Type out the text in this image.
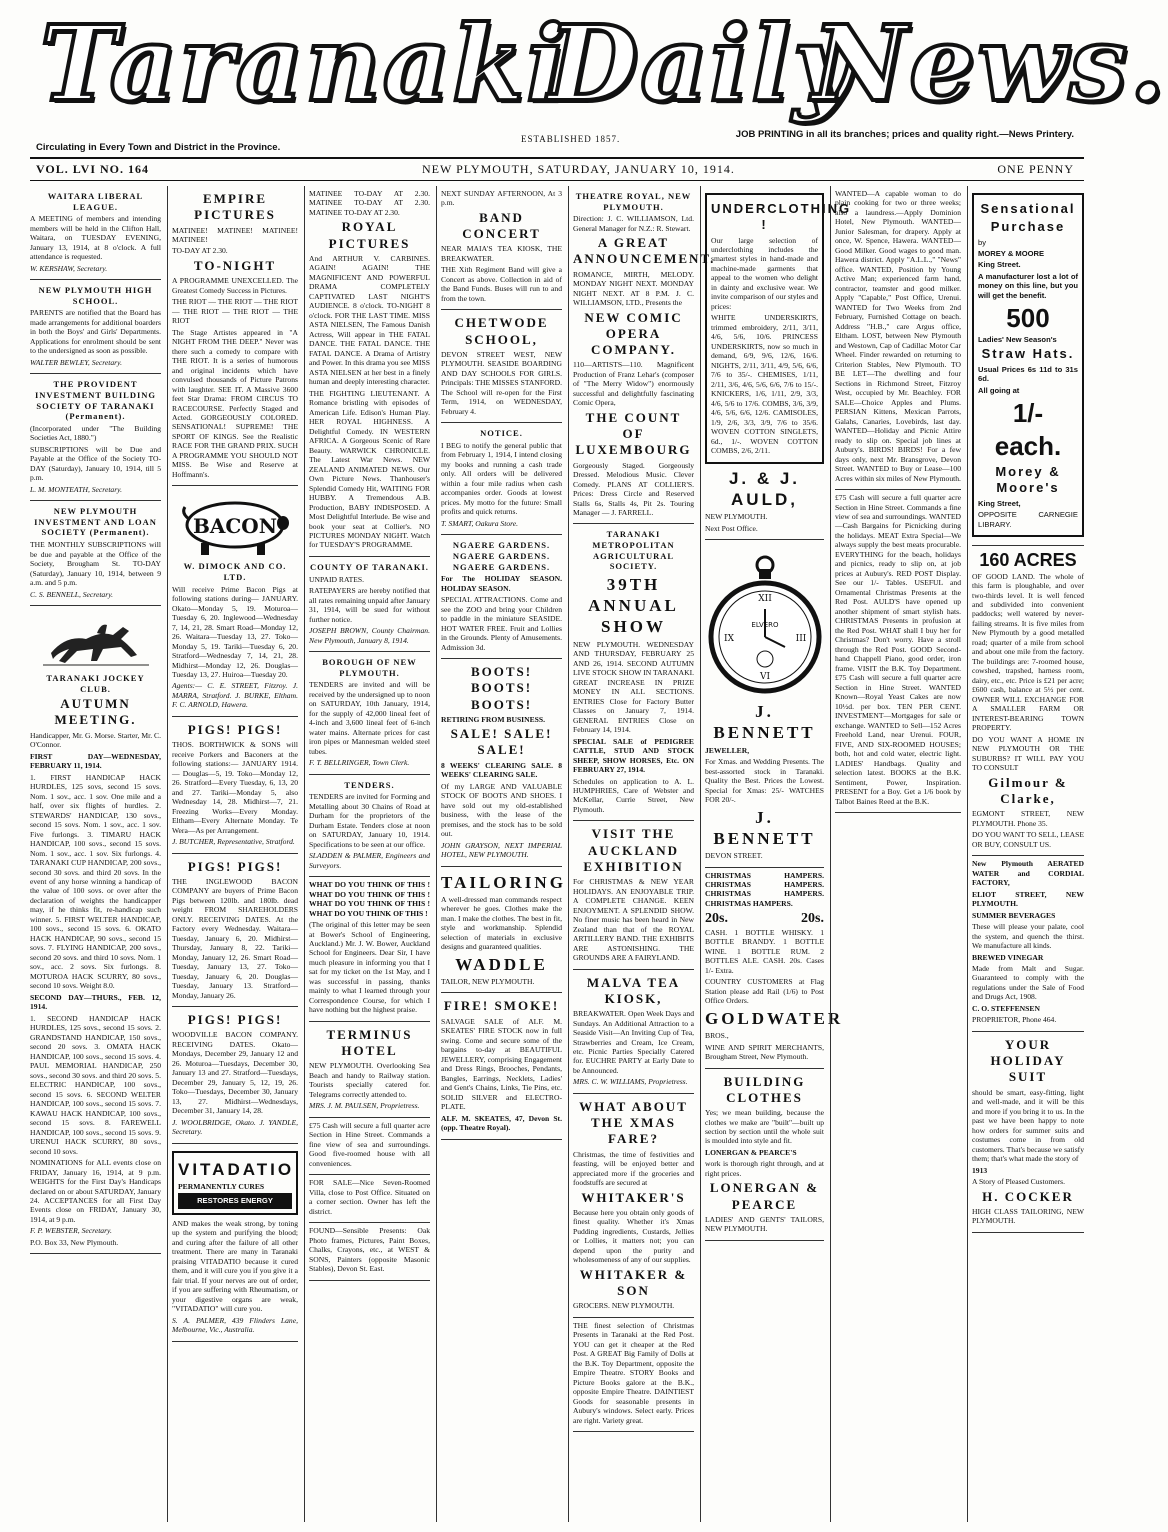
Taranaki
Daily
News.
ESTABLISHED 1857.	JOB PRINTING in all its branches; prices and quality right.—News Printery.
Circulating in Every Town and District in the Province.
VOL. LVI NO. 164	NEW PLYMOUTH, SATURDAY, JANUARY 10, 1914.	ONE PENNY
WAITARA LIBERAL LEAGUE.

A MEETING of members and intending members will be held in the Clifton Hall, Waitara, on TUESDAY EVENING, January 13, 1914, at 8 o'clock. A full attendance is requested.

W. KERSHAW, Secretary.

NEW PLYMOUTH HIGH SCHOOL.

PARENTS are notified that the Board has made arrangements for additional boarders in both the Boys' and Girls' Departments. Applications for enrolment should be sent to the undersigned as soon as possible.

WALTER BEWLEY, Secretary.

THE PROVIDENT INVESTMENT BUILDING SOCIETY OF TARANAKI (Permanent).

(Incorporated under "The Building Societies Act, 1880.")

SUBSCRIPTIONS will be Due and Payable at the Office of the Society TO-DAY (Saturday), January 10, 1914, till 5 p.m.

L. M. MONTEATH, Secretary.

NEW PLYMOUTH INVESTMENT AND LOAN SOCIETY (Permanent).

THE MONTHLY SUBSCRIPTIONS will be due and payable at the Office of the Society, Brougham St. TO-DAY (Saturday), January 10, 1914, between 9 a.m. and 5 p.m.

C. S. BENNELL, Secretary.

TARANAKI JOCKEY CLUB.
AUTUMN MEETING.

Handicapper, Mr. G. Morse. Starter, Mr. C. O'Connor.

FIRST DAY—WEDNESDAY, FEBRUARY 11, 1914.

1. FIRST HANDICAP HACK HURDLES, 125 sovs, second 15 sovs. Nom. 1 sov., acc. 1 sov. One mile and a half, over six flights of hurdles. 2. STEWARDS' HANDICAP, 130 sovs., second 15 sovs. Nom. 1 sov., acc. 1 sov. Five furlongs. 3. TIMARU HACK HANDICAP, 100 sovs., second 15 sovs. Nom. 1 sov., acc. 1 sov. Six furlongs. 4. TARANAKI CUP HANDICAP, 200 sovs., second 30 sovs. and third 20 sovs. In the event of any horse winning a handicap of the value of 100 sovs. or over after the declaration of weights the handicapper may, if he thinks fit, re-handicap such winner. 5. FIRST WELTER HANDICAP, 100 sovs., second 15 sovs. 6. OKATO HACK HANDICAP, 90 sovs., second 15 sovs. 7. FLYING HANDICAP, 200 sovs., second 20 sovs. and third 10 sovs. Nom. 1 sov., acc. 2 sovs. Six furlongs. 8. MOTUROA HACK SCURRY, 80 sovs., second 10 sovs. Weight 8.0.

SECOND DAY—THURS., FEB. 12, 1914.

1. SECOND HANDICAP HACK HURDLES, 125 sovs., second 15 sovs. 2. GRANDSTAND HANDICAP, 150 sovs., second 20 sovs. 3. OMATA HACK HANDICAP, 100 sovs., second 15 sovs. 4. PAUL MEMORIAL HANDICAP, 250 sovs., second 30 sovs. and third 20 sovs. 5. ELECTRIC HANDICAP, 100 sovs., second 15 sovs. 6. SECOND WELTER HANDICAP, 100 sovs., second 15 sovs. 7. KAWAU HACK HANDICAP, 100 sovs., second 15 sovs. 8. FAREWELL HANDICAP, 100 sovs., second 15 sovs. 9. URENUI HACK SCURRY, 80 sovs., second 10 sovs.

NOMINATIONS for ALL events close on FRIDAY, January 16, 1914, at 9 p.m. WEIGHTS for the First Day's Handicaps declared on or about SATURDAY, January 24. ACCEPTANCES for all First Day Events close on FRIDAY, January 30, 1914, at 9 p.m.

F. P. WEBSTER, Secretary.

P.O. Box 33, New Plymouth.

EMPIRE PICTURES

MATINEE! MATINEE! MATINEE! MATINEE!

TO-DAY AT 2.30.

TO-NIGHT

A PROGRAMME UNEXCELLED. The Greatest Comedy Success in Pictures.

THE RIOT — THE RIOT — THE RIOT — THE RIOT — THE RIOT — THE RIOT

The Stage Artistes appeared in "A NIGHT FROM THE DEEP." Never was there such a comedy to compare with THE RIOT. It is a series of humorous and original incidents which have convulsed thousands of Picture Patrons with laughter. SEE IT. A Massive 3600 feet Star Drama: FROM CIRCUS TO RACECOURSE. Perfectly Staged and Acted. GORGEOUSLY COLORED. SENSATIONAL! SUPREME! THE SPORT OF KINGS. See the Realistic RACE FOR THE GRAND PRIX. SUCH A PROGRAMME YOU SHOULD NOT MISS. Be Wise and Reserve at Hoffmann's.

BACON
W. DIMOCK AND CO. LTD.

Will receive Prime Bacon Pigs at following stations during— JANUARY. Okato—Monday 5, 19. Moturoa—Tuesday 6, 20. Inglewood—Wednesday 7, 14, 21, 28. Smart Road—Monday 12, 26. Waitara—Tuesday 13, 27. Toko—Monday 5, 19. Tariki—Tuesday 6, 20. Stratford—Wednesday 7, 14, 21, 28. Midhirst—Monday 12, 26. Douglas—Tuesday 13, 27. Huiroa—Tuesday 20.

Agents:— C. E. STREET, Fitzroy. J. MARRA, Stratford. J. BURKE, Eltham. F. C. ARNOLD, Hawera.

PIGS! PIGS!

THOS. BORTHWICK & SONS will receive Porkers and Baconers at the following stations:— JANUARY 1914.— Douglas—5, 19. Toko—Monday 12, 26. Stratford—Every Tuesday, 6, 13, 20 and 27. Tariki—Monday 5, also Wednesday 14, 28. Midhirst—7, 21. Freezing Works—Every Monday. Eltham—Every Alternate Monday. Te Wera—As per Arrangement.

J. BUTCHER, Representative, Stratford.

PIGS! PIGS!

THE INGLEWOOD BACON COMPANY are buyers of Prime Bacon Pigs between 120lb. and 180lb. dead weight FROM SHAREHOLDERS ONLY. RECEIVING DATES. At the Factory every Wednesday. Waitara—Tuesday, January 6, 20. Midhirst—Thursday, January 8, 22. Tariki—Monday, January 12, 26. Smart Road—Tuesday, January 13, 27. Toko—Tuesday, January 6, 20. Douglas—Tuesday, January 13. Stratford—Monday, January 26.

PIGS! PIGS!

WOODVILLE BACON COMPANY. RECEIVING DATES. Okato—Mondays, December 29, January 12 and 26. Moturoa—Tuesdays, December 30, January 13 and 27. Stratford—Tuesdays, December 29, January 5, 12, 19, 26. Toko—Tuesdays, December 30, January 13, 27. Midhirst—Wednesdays, December 31, January 14, 28.

J. WOOLBRIDGE, Okato. J. YANDLE, Secretary.

VITADATIO

PERMANENTLY CURES

RESTORES ENERGY

AND makes the weak strong, by toning up the system and purifying the blood; and curing after the failure of all other treatment. There are many in Taranaki praising VITADATIO because it cured them, and it will cure you if you give it a fair trial. If your nerves are out of order, if you are suffering with Rheumatism, or your digestive organs are weak, "VITADATIO" will cure you.

S. A. PALMER, 439 Flinders Lane, Melbourne, Vic., Australia.

MATINEE TO-DAY AT 2.30. MATINEE TO-DAY AT 2.30. MATINEE TO-DAY AT 2.30.

ROYAL PICTURES

And ARTHUR V. CARBINES. AGAIN! AGAIN! THE MAGNIFICENT AND POWERFUL DRAMA COMPLETELY CAPTIVATED LAST NIGHT'S AUDIENCE. 8 o'clock. TO-NIGHT 8 o'clock. FOR THE LAST TIME. MISS ASTA NIELSEN, The Famous Danish Actress, Will appear in THE FATAL DANCE. THE FATAL DANCE. THE FATAL DANCE. A Drama of Artistry and Power. In this drama you see MISS ASTA NIELSEN at her best in a finely human and deeply interesting character.

THE FIGHTING LIEUTENANT. A Romance bristling with episodes of American Life. Edison's Human Play. HER ROYAL HIGHNESS. A Delightful Comedy. IN WESTERN AFRICA. A Gorgeous Scenic of Rare Beauty. WARWICK CHRONICLE. The Latest War News. NEW ZEALAND ANIMATED NEWS. Our Own Picture News. Thanhouser's Splendid Comedy Hit, WAITING FOR HUBBY. A Tremendous A.B. Production, BABY INDISPOSED. A Most Delightful Interlude. Be wise and book your seat at Collier's. NO PICTURES MONDAY NIGHT. Watch for TUESDAY'S PROGRAMME.

COUNTY OF TARANAKI.

UNPAID RATES.

RATEPAYERS are hereby notified that all rates remaining unpaid after January 31, 1914, will be sued for without further notice.

JOSEPH BROWN, County Chairman. New Plymouth, January 8, 1914.

BOROUGH OF NEW PLYMOUTH.

TENDERS are invited and will be received by the undersigned up to noon on SATURDAY, 10th January, 1914, for the supply of 42,000 lineal feet of 4-inch and 3,600 lineal feet of 6-inch water mains. Alternate prices for cast iron pipes or Mannesman welded steel tubes.

F. T. BELLRINGER, Town Clerk.

TENDERS.

TENDERS are invited for Forming and Metalling about 30 Chains of Road at Durham for the proprietors of the Durham Estate. Tenders close at noon on SATURDAY, January 10, 1914. Specifications to be seen at our office.

SLADDEN & PALMER, Engineers and Surveyors.

WHAT DO YOU THINK OF THIS ! WHAT DO YOU THINK OF THIS ! WHAT DO YOU THINK OF THIS ! WHAT DO YOU THINK OF THIS !

(The original of this letter may be seen at Bower's School of Engineering, Auckland.) Mr. J. W. Bower, Auckland School for Engineers. Dear Sir, I have much pleasure in informing you that I sat for my ticket on the 1st May, and I was successful in passing, thanks mainly to what I learned through your Correspondence Course, for which I have nothing but the highest praise.

TERMINUS HOTEL

NEW PLYMOUTH. Overlooking Sea Beach and handy to Railway station. Tourists specially catered for. Telegrams correctly attended to.

MRS. J. M. PAULSEN, Proprietress.

£75 Cash will secure a full quarter acre Section in Hine Street. Commands a fine view of sea and surroundings. Good five-roomed house with all conveniences.

FOR SALE—Nice Seven-Roomed Villa, close to Post Office. Situated on a corner section. Owner has left the district.

FOUND—Sensible Presents: Oak Photo frames, Pictures, Paint Boxes, Chalks, Crayons, etc., at WEST & SONS, Painters (opposite Masonic Stables), Devon St. East.

NEXT SUNDAY AFTERNOON, At 3 p.m.

BAND CONCERT

NEAR MAIA'S TEA KIOSK, THE BREAKWATER.

THE Xith Regiment Band will give a Concert as above. Collection in aid of the Band Funds. Buses will run to and from the town.

CHETWODE SCHOOL,

DEVON STREET WEST, NEW PLYMOUTH. SEASIDE BOARDING AND DAY SCHOOLS FOR GIRLS. Principals: THE MISSES STANFORD. The School will re-open for the First Term, 1914, on WEDNESDAY, February 4.

NOTICE.

I BEG to notify the general public that from February 1, 1914, I intend closing my books and running a cash trade only. All orders will be delivered within a four mile radius when cash accompanies order. Goods at lowest prices. My motto for the future: Small profits and quick returns.

T. SMART, Oakura Store.

NGAERE GARDENS. NGAERE GARDENS. NGAERE GARDENS.

For The HOLIDAY SEASON. HOLIDAY SEASON.

SPECIAL ATTRACTIONS. Come and see the ZOO and bring your Children to paddle in the miniature SEASIDE. HOT WATER FREE. Fruit and Lollies in the Grounds. Plenty of Amusements. Admission 3d.

BOOTS! BOOTS! BOOTS!

RETIRING FROM BUSINESS.

SALE! SALE! SALE!

8 WEEKS' CLEARING SALE. 8 WEEKS' CLEARING SALE.

Of my LARGE AND VALUABLE STOCK OF BOOTS AND SHOES. I have sold out my old-established business, with the lease of the premises, and the stock has to be sold out.

JOHN GRAYSON, NEXT IMPERIAL HOTEL, NEW PLYMOUTH.

TAILORING

A well-dressed man commands respect wherever he goes. Clothes make the man. I make the clothes. The best in fit, style and workmanship. Splendid selection of materials in exclusive designs and guaranteed qualities.

WADDLE

TAILOR, NEW PLYMOUTH.

FIRE! SMOKE!

SALVAGE SALE of ALF. M. SKEATES' FIRE STOCK now in full swing. Come and secure some of the bargains to-day at BEAUTIFUL JEWELLERY, comprising Engagement and Dress Rings, Brooches, Pendants, Bangles, Earrings, Necklets, Ladies' and Gent's Chains, Links, Tie Pins, etc. SOLID SILVER and ELECTRO-PLATE.

ALF. M. SKEATES, 47, Devon St. (opp. Theatre Royal).

THEATRE ROYAL, NEW PLYMOUTH.

Direction: J. C. WILLIAMSON, Ltd. General Manager for N.Z.: R. Stewart.

A GREAT ANNOUNCEMENT.

ROMANCE, MIRTH, MELODY. MONDAY NIGHT NEXT. MONDAY NIGHT NEXT. AT 8 P.M. J. C. WILLIAMSON, LTD., Presents the

NEW COMIC OPERA COMPANY.

110—ARTISTS—110. Magnificent Production of Franz Lehar's (composer of "The Merry Widow") enormously successful and delightfully fascinating Comic Opera,

THE COUNT OF LUXEMBOURG

Gorgeously Staged. Gorgeously Dressed. Melodious Music. Clever Comedy. PLANS AT COLLIER'S. Prices: Dress Circle and Reserved Stalls 6s, Stalls 4s, Pit 2s. Touring Manager — J. FARRELL.

TARANAKI METROPOLITAN AGRICULTURAL SOCIETY.
39TH ANNUAL SHOW

NEW PLYMOUTH. WEDNESDAY AND THURSDAY, FEBRUARY 25 AND 26, 1914. SECOND AUTUMN LIVE STOCK SHOW IN TARANAKI. GREAT INCREASE IN PRIZE MONEY IN ALL SECTIONS. ENTRIES Close for Factory Butter Classes on January 7, 1914. GENERAL ENTRIES Close on February 14, 1914.

SPECIAL SALE of PEDIGREE CATTLE, STUD AND STOCK SHEEP, SHOW HORSES, Etc. ON FEBRUARY 27, 1914.

Schedules on application to A. L. HUMPHRIES, Care of Webster and McKellar, Currie Street, New Plymouth.

VISIT THE AUCKLAND EXHIBITION

For CHRISTMAS & NEW YEAR HOLIDAYS. AN ENJOYABLE TRIP. A COMPLETE CHANGE. KEEN ENJOYMENT. A SPLENDID SHOW. No finer music has been heard in New Zealand than that of the ROYAL ARTILLERY BAND. THE EXHIBITS ARE ASTONISHING. THE GROUNDS ARE A FAIRYLAND.

MALVA TEA KIOSK,

BREAKWATER. Open Week Days and Sundays. An Additional Attraction to a Seaside Visit—An Inviting Cup of Tea, Strawberries and Cream, Ice Cream, etc. Picnic Parties Specially Catered for. EUCHRE PARTY at Early Date to be Announced.

MRS. C. W. WILLIAMS, Proprietress.

WHAT ABOUT THE XMAS FARE?

Christmas, the time of festivities and feasting, will be enjoyed better and appreciated more if the groceries and foodstuffs are secured at

WHITAKER'S

Because here you obtain only goods of finest quality. Whether it's Xmas Pudding ingredients, Custards, Jellies or Lollies, it matters not; you can depend upon the purity and wholesomeness of any of our supplies.

WHITAKER & SON

GROCERS. NEW PLYMOUTH.

THE finest selection of Christmas Presents in Taranaki at the Red Post. YOU can get it cheaper at the Red Post. A GREAT Big Family of Dolls at the B.K. Toy Department, opposite the Empire Theatre. STORY Books and Picture Books galore at the B.K., opposite Empire Theatre. DAINTIEST Goods for seasonable presents in Aubury's windows. Select early. Prices are right. Variety great.

UNDERCLOTHING !

Our large selection of underclothing includes the smartest styles in hand-made and machine-made garments that appeal to the women who delight in dainty and exclusive wear. We invite comparison of our styles and prices:

WHITE UNDERSKIRTS, trimmed embroidery, 2/11, 3/11, 4/6, 5/6, 10/6. PRINCESS UNDERSKIRTS, now so much in demand, 6/9, 9/6, 12/6, 16/6. NIGHTS, 2/11, 3/11, 4/9, 5/6, 6/6, 7/6 to 35/-. CHEMISES, 1/11, 2/11, 3/6, 4/6, 5/6, 6/6, 7/6 to 15/-. KNICKERS, 1/6, 1/11, 2/9, 3/3, 4/6, 5/6 to 17/6. COMBS, 3/6, 3/9, 4/6, 5/6, 6/6, 12/6. CAMISOLES, 1/9, 2/6, 3/3, 3/9, 7/6 to 35/6. WOVEN COTTON SINGLETS, 6d., 1/-. WOVEN COTTON COMBS, 2/6, 2/11.

J. & J. AULD,

NEW PLYMOUTH.

Next Post Office.

XII
III
VI
IX
ELVERO
J. BENNETT

JEWELLER,

For Xmas. and Wedding Presents. The best-assorted stock in Taranaki. Quality the Best. Prices the Lowest. Special for Xmas: 25/- WATCHES FOR 20/-.

J. BENNETT

DEVON STREET.

CHRISTMAS HAMPERS. CHRISTMAS HAMPERS. CHRISTMAS HAMPERS. CHRISTMAS HAMPERS.

20s.	20s.

CASH. 1 BOTTLE WHISKY. 1 BOTTLE BRANDY. 1 BOTTLE WINE. 1 BOTTLE RUM. 2 BOTTLES ALE. CASH. 20s. Cases 1/- Extra.

COUNTRY CUSTOMERS at Flag Station please add Rail (1/6) to Post Office Orders.

GOLDWATER

BROS.,

WINE AND SPIRIT MERCHANTS, Brougham Street, New Plymouth.

BUILDING CLOTHES

Yes; we mean building, because the clothes we make are "built"—built up section by section until the whole suit is moulded into style and fit.

LONERGAN & PEARCE'S

work is thorough right through, and at right prices.

LONERGAN & PEARCE

LADIES' AND GENTS' TAILORS, NEW PLYMOUTH.

WANTED—A capable woman to do plain cooking for two or three weeks; also a laundress.—Apply Dominion Hotel, New Plymouth. WANTED—Junior Salesman, for drapery. Apply at once, W. Spence, Hawera. WANTED—Good Milker. Good wages to good man. Hawera district. Apply "A.L.L.," "News" office. WANTED, Position by Young Active Man; experienced farm hand, contractor, teamster and good milker. Apply "Capable," Post Office, Urenui. WANTED for Two Weeks from 2nd February, Furnished Cottage on beach. Address "H.B.," care Argus office, Eltham. LOST, between New Plymouth and Westown, Cap of Cadillac Motor Car Wheel. Finder rewarded on returning to Criterion Stables, New Plymouth. TO BE LET—The dwelling and four Sections in Richmond Street, Fitzroy West, occupied by Mr. Beachley. FOR SALE—Choice Apples and Plums. PERSIAN Kittens, Mexican Parrots, Galahs, Canaries, Lovebirds, last day. WANTED—Holiday and Picnic Attire ready to slip on. Special job lines at Aubury's. BIRDS! BIRDS! For a few days only, next Mr. Bransgrove, Devon Street. WANTED to Buy or Lease—100 Acres within six miles of New Plymouth.

£75 Cash will secure a full quarter acre Section in Hine Street. Commands a fine view of sea and surroundings. WANTED—Cash Bargains for Picnicking during the holidays. MEAT Extra Special—We always supply the best meats procurable. EVERYTHING for the beach, holidays and picnics, ready to slip on, at job prices at Aubury's. RED POST Display. See our 1/- Tables. USEFUL and Ornamental Christmas Presents at the Red Post. AULD'S have opened up another shipment of smart stylish hats. CHRISTMAS Presents in profusion at the Red Post. WHAT shall I buy her for Christmas? Don't worry. Have a stroll through the Red Post. GOOD Second-hand Chappell Piano, good order, iron frame. VISIT the B.K. Toy Department. £75 Cash will secure a full quarter acre Section in Hine Street. WANTED Known—Royal Yeast Cakes are now 10½d. per box. TEN PER CENT. INVESTMENT—Mortgages for sale or exchange. WANTED to Sell—152 Acres Freehold Land, near Urenui. FOUR, FIVE, AND SIX-ROOMED HOUSES; both, hot and cold water, electric light. LADIES' Handbags. Quality and selection latest. BOOKS at the B.K. Sentiment, Power, Inspiration. PRESENT for a Boy. Get a 1/6 book by Talbot Baines Reed at the B.K.

Sensational
Purchase

by

MOREY & MOORE

King Street.

A manufacturer lost a lot of money on this line, but you will get the benefit.

500

Ladies' New Season's

Straw Hats.

Usual Prices 6s 11d to 31s 6d.

All going at

1/- each.
Morey & Moore's

King Street,

OPPOSITE CARNEGIE LIBRARY.

160 ACRES

OF GOOD LAND. The whole of this farm is ploughable, and over two-thirds level. It is well fenced and subdivided into convenient paddocks; well watered by never-failing streams. It is five miles from New Plymouth by a good metalled road; quarter of a mile from school and about one mile from the factory. The buildings are: 7-roomed house, cowshed, trapshed, harness room, dairy, etc., etc. Price is £21 per acre; £600 cash, balance at 5½ per cent. OWNER WILL EXCHANGE FOR A SMALLER FARM OR INTEREST-BEARING TOWN PROPERTY.

DO YOU WANT A HOME IN NEW PLYMOUTH OR THE SUBURBS? IT WILL PAY YOU TO CONSULT

Gilmour & Clarke,

EGMONT STREET, NEW PLYMOUTH. Phone 35.

DO YOU WANT TO SELL, LEASE OR BUY, CONSULT US.

New Plymouth AERATED WATER and CORDIAL FACTORY,

ELIOT STREET, NEW PLYMOUTH.

SUMMER BEVERAGES

These will please your palate, cool the system, and quench the thirst. We manufacture all kinds.

BREWED VINEGAR

Made from Malt and Sugar. Guaranteed to comply with the regulations under the Sale of Food and Drugs Act, 1908.

C. O. STEFFENSEN

PROPRIETOR, Phone 464.

YOUR HOLIDAY SUIT

should be smart, easy-fitting, light and well-made, and it will be this and more if you bring it to us. In the past we have been happy to note how orders for summer suits and costumes come in from old customers. That's because we satisfy them; that's what made the story of

1913

A Story of Pleased Customers.

H. COCKER

HIGH CLASS TAILORING, NEW PLYMOUTH.
